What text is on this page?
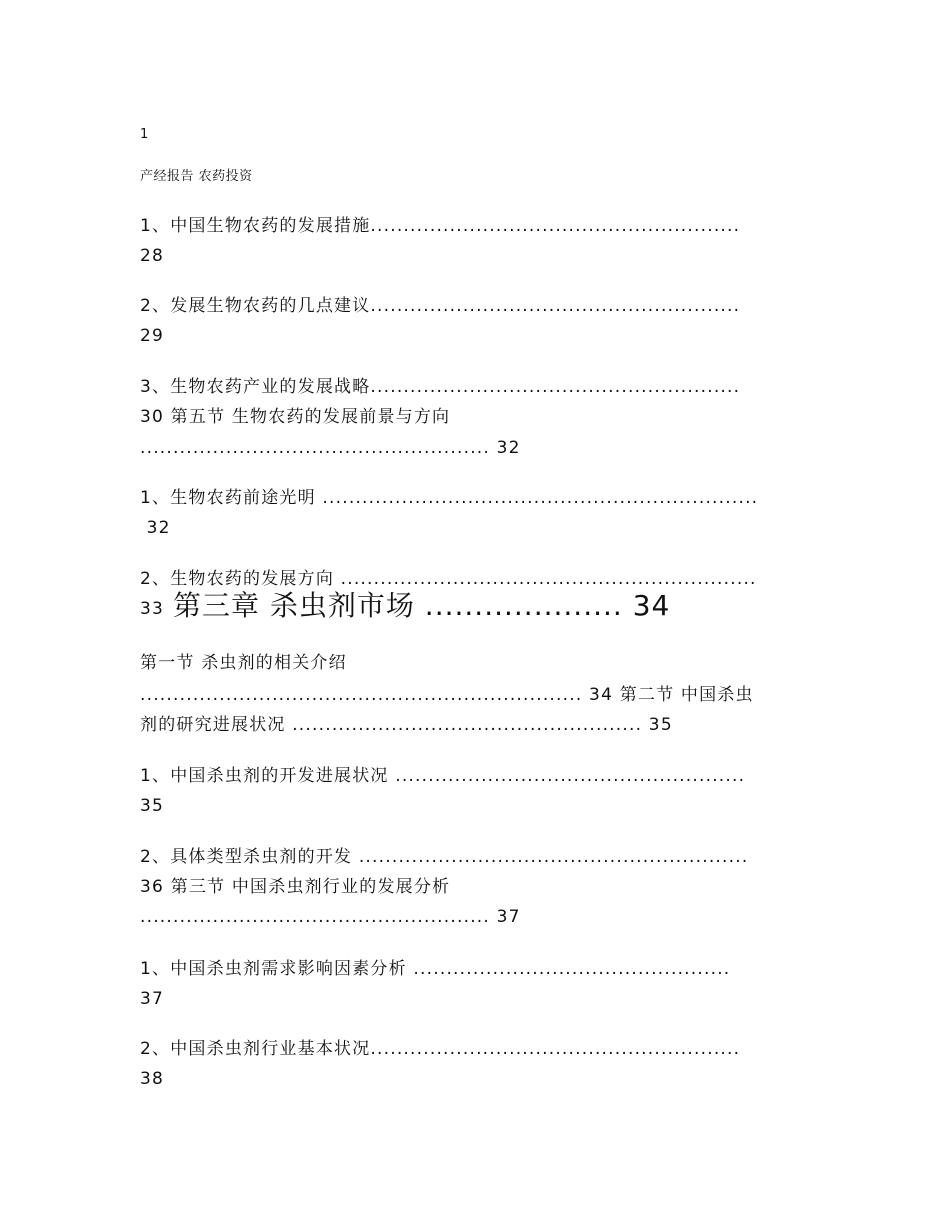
1
产经报告 农药投资
1、中国生物农药的发展措施........................................................
28
2、发展生物农药的几点建议........................................................
29
3、生物农药产业的发展战略........................................................
30 第五节 生物农药的发展前景与方向
..................................................... 32
1、生物农药前途光明 ..................................................................
32
2、生物农药的发展方向 ...............................................................
33 第三章 杀虫剂市场 .................... 34
第一节 杀虫剂的相关介绍
................................................................... 34 第二节 中国杀虫
剂的研究进展状况 ..................................................... 35
1、中国杀虫剂的开发进展状况 .....................................................
35
2、具体类型杀虫剂的开发 ...........................................................
36 第三节 中国杀虫剂行业的发展分析
..................................................... 37
1、中国杀虫剂需求影响因素分析 ................................................
37
2、中国杀虫剂行业基本状况........................................................
38
